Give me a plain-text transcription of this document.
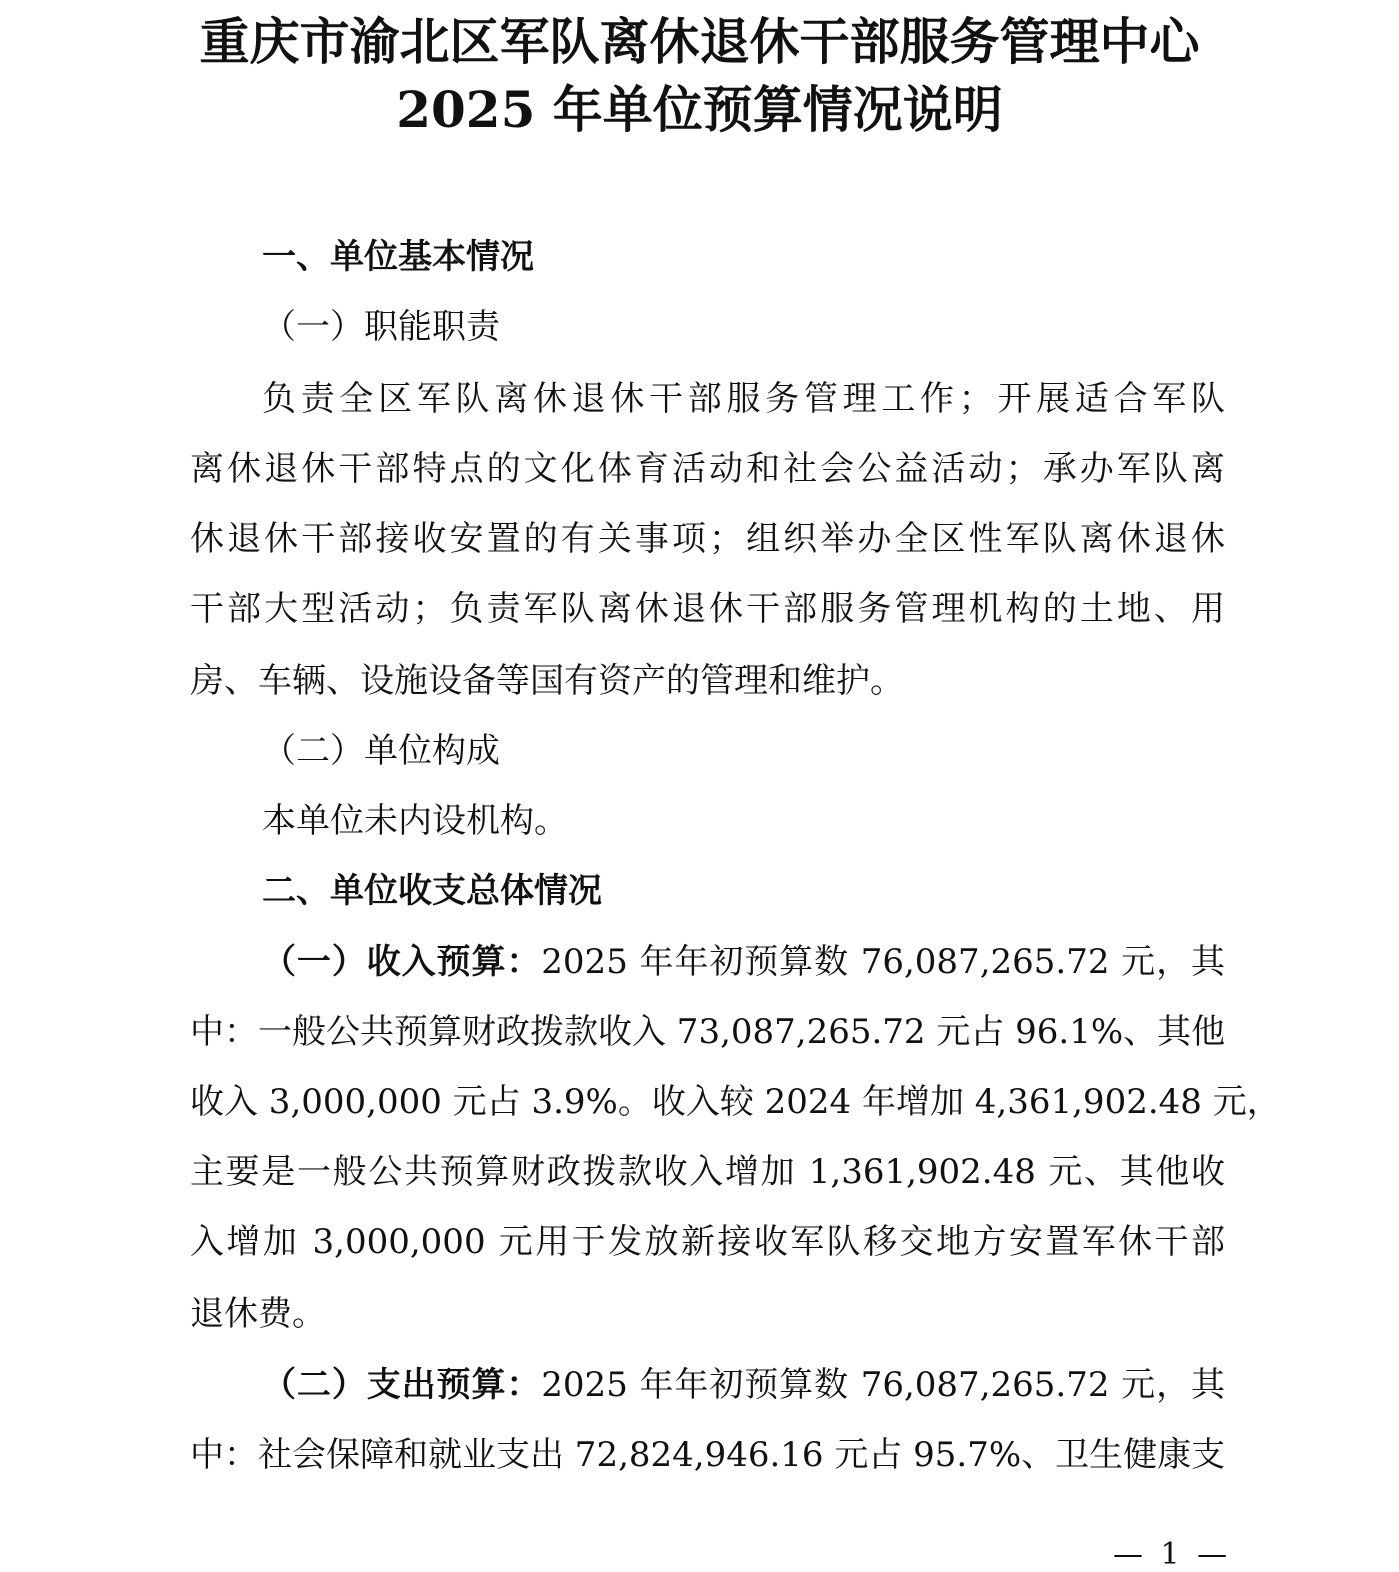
重庆市渝北区军队离休退休干部服务管理中心
2025 年单位预算情况说明

一、单位基本情况

（一）职能职责

负责全区军队离休退休干部服务管理工作；开展适合军队

离休退休干部特点的文化体育活动和社会公益活动；承办军队离

休退休干部接收安置的有关事项；组织举办全区性军队离休退休

干部大型活动；负责军队离休退休干部服务管理机构的土地、用

房、车辆、设施设备等国有资产的管理和维护。

（二）单位构成

本单位未内设机构。

二、单位收支总体情况

（一）收入预算：2025 年年初预算数 76,087,265.72 元，其

中：一般公共预算财政拨款收入 73,087,265.72 元占 96.1%、其他

收入 3,000,000 元占 3.9%。收入较 2024 年增加 4,361,902.48 元，

主要是一般公共预算财政拨款收入增加 1,361,902.48 元、其他收

入增加 3,000,000 元用于发放新接收军队移交地方安置军休干部

退休费。

（二）支出预算：2025 年年初预算数 76,087,265.72 元，其

中：社会保障和就业支出 72,824,946.16 元占 95.7%、卫生健康支

— 1 —
